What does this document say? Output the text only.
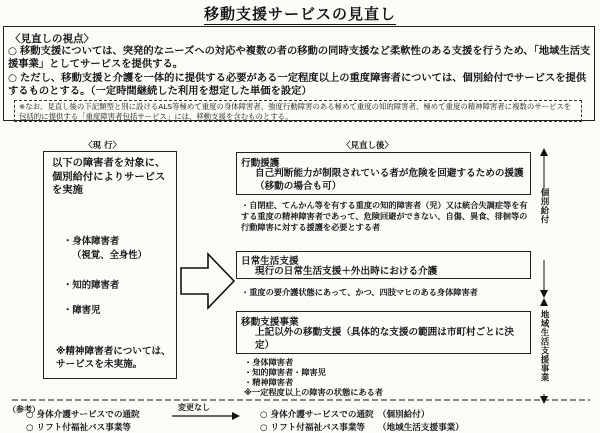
移動支援サービスの見直し
〈見直しの視点〉
○ 移動支援については、突発的なニーズへの対応や複数の者の移動の同時支援など柔軟性のある支援を行うため、「地域生活支援事業」としてサービスを提供する。
○ ただし、移動支援と介護を一体的に提供する必要がある一定程度以上の重度障害者については、個別給付でサービスを提供するものとする。（一定時間継続した利用を想定した単価を設定）
※なお、見直し後の下記類型と別に設けるALS等極めて重度の身体障害者、強度行動障害のある極めて重度の知的障害者、極めて重度の精神障害者に複数のサービスを包括的に提供する「重度障害者包括サービス」には、移動支援を含むものとする。
〈現 行〉	〈見直し後〉
以下の障害者を対象に、個別給付によりサービスを実施
・身体障害者
（視覚、全身性）
・知的障害者
・障害児
※精神障害者については、サービスを未実施。
行動援護
自己判断能力が制限されている者が危険を回避するための援護（移動の場合も可）
・自閉症、てんかん等を有する重度の知的障害者（児）又は統合失調症等を有する重度の精神障害者であって、危険回避ができない、自傷、異食、徘徊等の行動障害に対する援護を必要とする者
日常生活支援
現行の日常生活支援＋外出時における介護
・重度の要介護状態にあって、かつ、四肢マヒのある身体障害者
移動支援事業
上記以外の移動支援（具体的な支援の範囲は市町村ごとに決定）
・身体障害者
・知的障害者・障害児
・精神障害者
※一定程度以上の障害の状態にある者
個別給付
地域生活支援事業
（参考）
○ 身体介護サービスでの通院
○ リフト付福祉バス事業等
変更なし
○ 身体介護サービスでの通院　（個別給付）
○ リフト付福祉バス事業等　　（地域生活支援事業）
